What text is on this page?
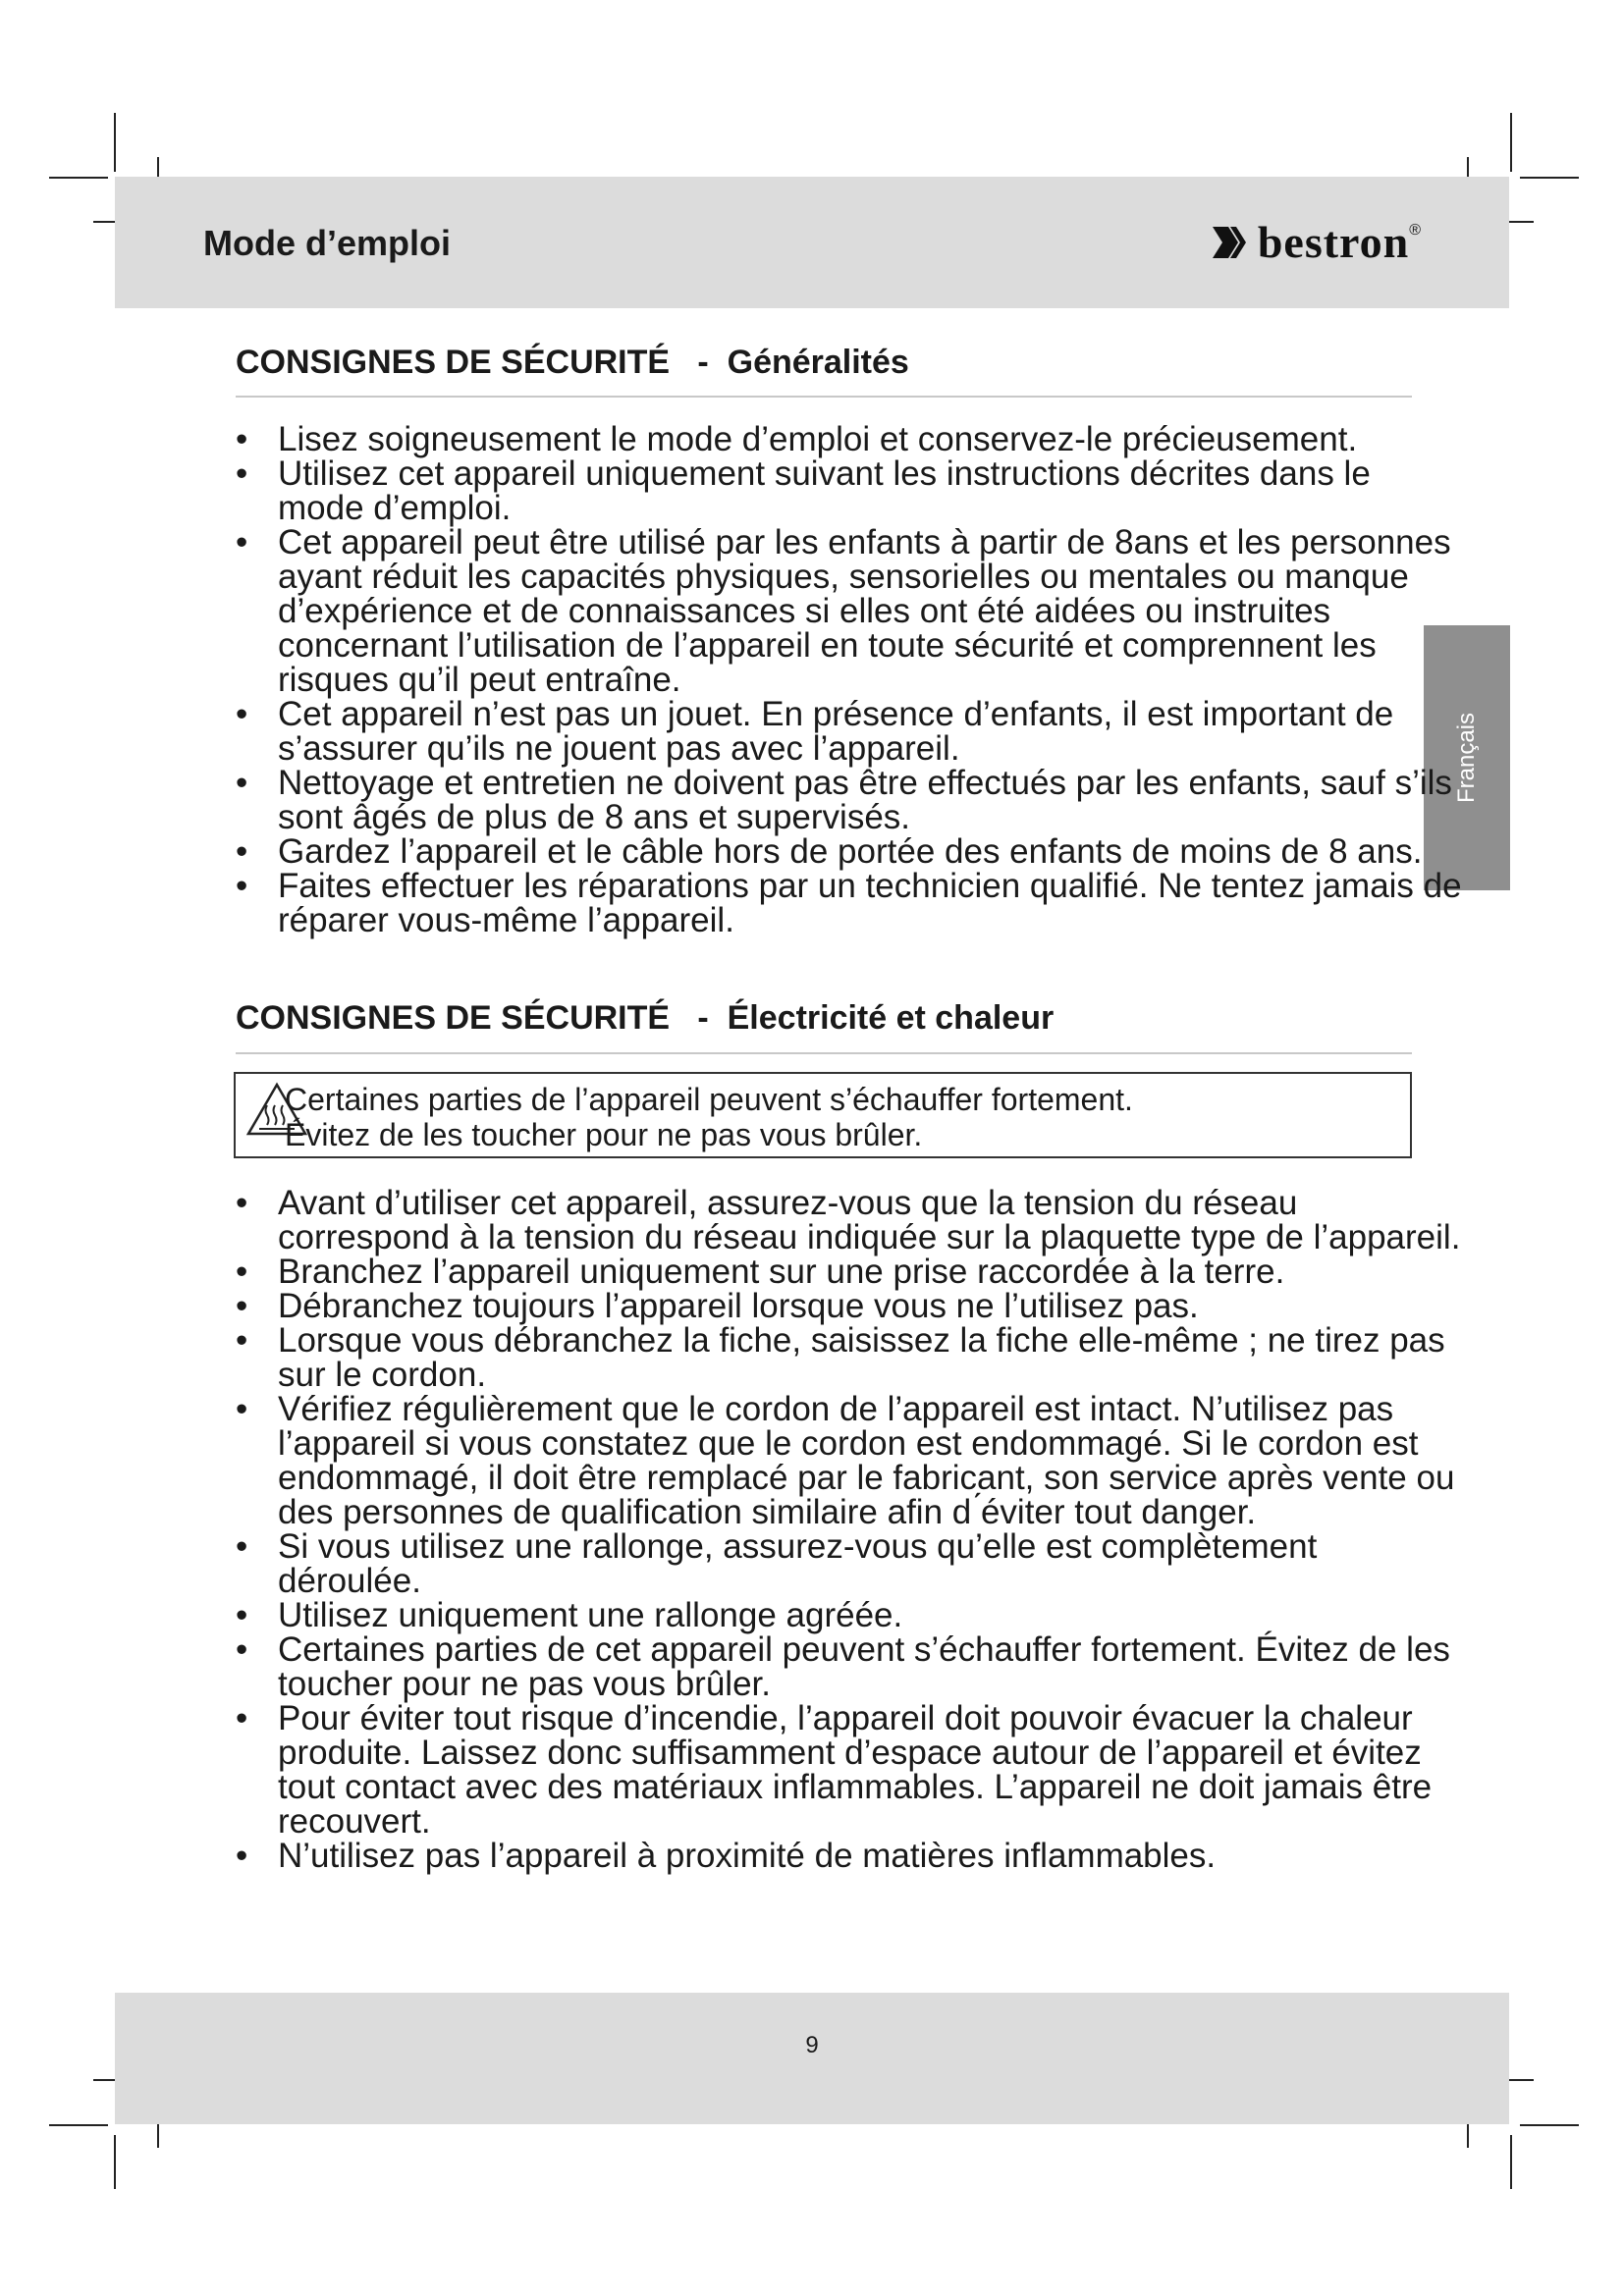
Mode d’emploi	bestron ®
Français
CONSIGNES DE SÉCURITÉ   -  Généralités
• Lisez soigneusement le mode d’emploi et conservez-le précieusement.
• Utilisez cet appareil uniquement suivant les instructions décrites dans le mode d’emploi.
• Cet appareil peut être utilisé par les enfants à partir de 8ans et les personnes ayant réduit les capacités physiques, sensorielles ou mentales ou manque d’expérience et de connaissances si elles ont été aidées ou instruites concernant l’utilisation de l’appareil en toute sécurité et comprennent les risques qu’il peut entraîne.
• Cet appareil n’est pas un jouet. En présence d’enfants, il est important de s’assurer qu’ils ne jouent pas avec l’appareil.
• Nettoyage et entretien ne doivent pas être effectués par les enfants, sauf s’ils sont âgés de plus de 8 ans et supervisés.
• Gardez l’appareil et le câble hors de portée des enfants de moins de 8 ans.
• Faites effectuer les réparations par un technicien qualifié. Ne tentez jamais de réparer vous-même l’appareil.
CONSIGNES DE SÉCURITÉ   -  Électricité et chaleur
Certaines parties de l’appareil peuvent s’échauffer fortement.
Évitez de les toucher pour ne pas vous brûler.
• Avant d’utiliser cet appareil, assurez-vous que la tension du réseau correspond à la tension du réseau indiquée sur la plaquette type de l’appareil.
• Branchez l’appareil uniquement sur une prise raccordée à la terre.
• Débranchez toujours l’appareil lorsque vous ne l’utilisez pas.
• Lorsque vous débranchez la fiche, saisissez la fiche elle-même ; ne tirez pas sur le cordon.
• Vérifiez régulièrement que le cordon de l’appareil est intact. N’utilisez pas l’appareil si vous constatez que le cordon est endommagé. Si le cordon est endommagé, il doit être remplacé par le fabricant, son service après vente ou des personnes de qualification similaire afin d ́éviter tout danger.
• Si vous utilisez une rallonge, assurez-vous qu’elle est complètement déroulée.
• Utilisez uniquement une rallonge agréée.
• Certaines parties de cet appareil peuvent s’échauffer fortement. Évitez de les toucher pour ne pas vous brûler.
• Pour éviter tout risque d’incendie, l’appareil doit pouvoir évacuer la chaleur produite. Laissez donc suffisamment d’espace autour de l’appareil et évitez tout contact avec des matériaux inflammables. L’appareil ne doit jamais être recouvert.
• N’utilisez pas l’appareil à proximité de matières inflammables.
9
